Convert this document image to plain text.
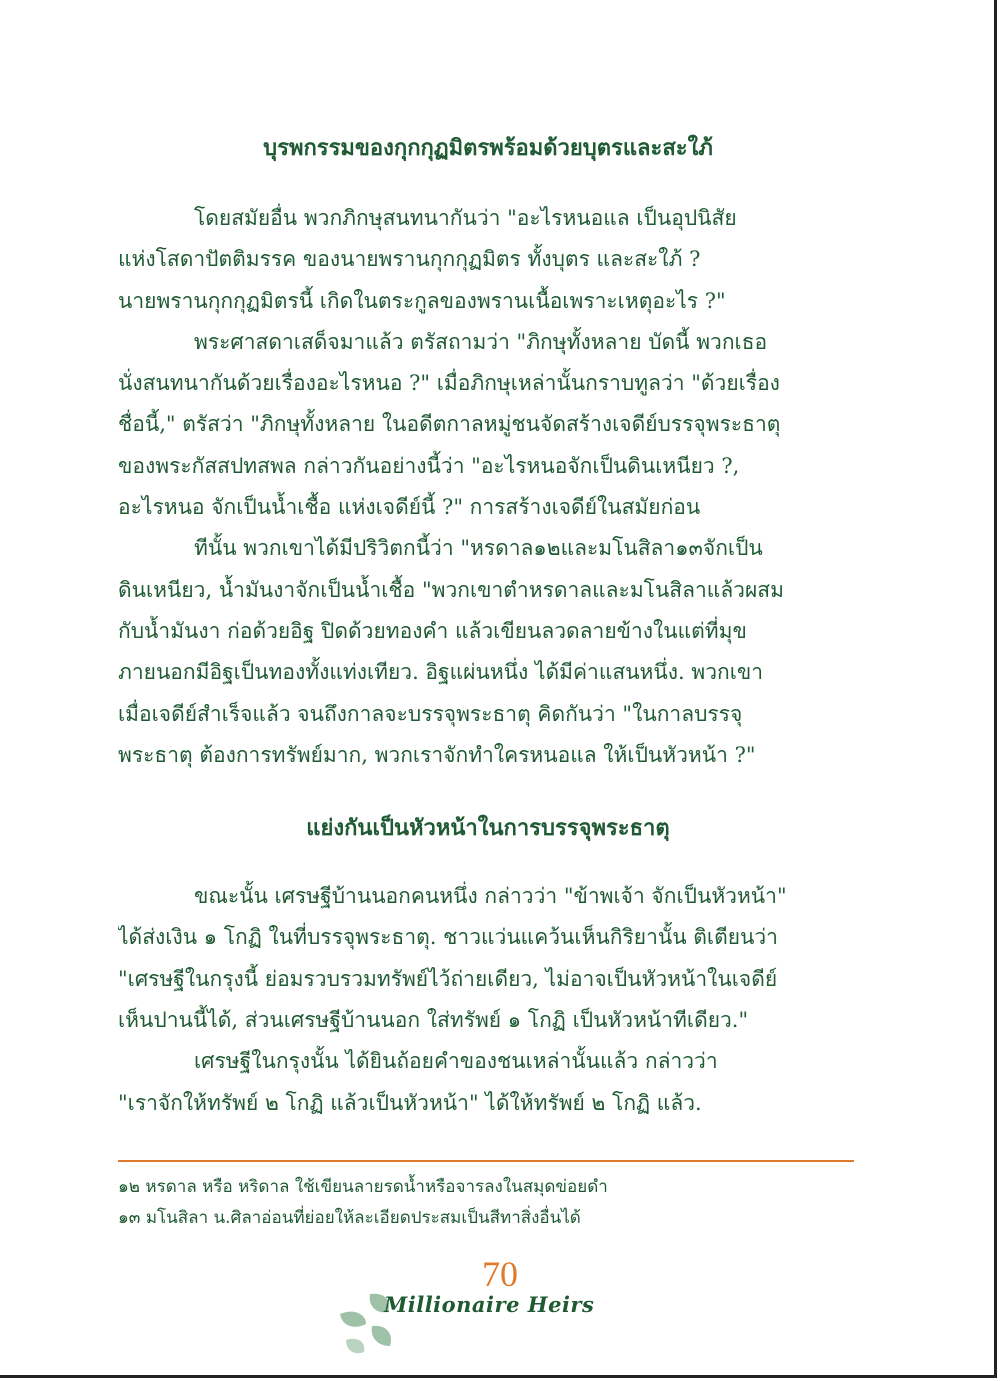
บุรพกรรมของกุกกุฏมิตรพร้อมด้วยบุตรและสะใภ้

โดยสมัยอื่น พวกภิกษุสนทนากันว่า "อะไรหนอแล เป็นอุปนิสัย
แห่งโสดาปัตติมรรค ของนายพรานกุกกุฏมิตร ทั้งบุตร และสะใภ้ ?
นายพรานกุกกุฏมิตรนี้ เกิดในตระกูลของพรานเนื้อเพราะเหตุอะไร ?"

พระศาสดาเสด็จมาแล้ว ตรัสถามว่า "ภิกษุทั้งหลาย บัดนี้ พวกเธอ
นั่งสนทนากันด้วยเรื่องอะไรหนอ ?" เมื่อภิกษุเหล่านั้นกราบทูลว่า "ด้วยเรื่อง
ชื่อนี้," ตรัสว่า "ภิกษุทั้งหลาย ในอดีตกาลหมู่ชนจัดสร้างเจดีย์บรรจุพระธาตุ
ของพระกัสสปทสพล กล่าวกันอย่างนี้ว่า "อะไรหนอจักเป็นดินเหนียว ?,
อะไรหนอ จักเป็นน้ำเชื้อ แห่งเจดีย์นี้ ?" การสร้างเจดีย์ในสมัยก่อน

ทีนั้น พวกเขาได้มีปริวิตกนี้ว่า "หรดาล๑๒และมโนสิลา๑๓จักเป็น
ดินเหนียว, น้ำมันงาจักเป็นน้ำเชื้อ "พวกเขาตำหรดาลและมโนสิลาแล้วผสม
กับน้ำมันงา ก่อด้วยอิฐ ปิดด้วยทองคำ แล้วเขียนลวดลายข้างในแต่ที่มุข
ภายนอกมีอิฐเป็นทองทั้งแท่งเทียว. อิฐแผ่นหนึ่ง ได้มีค่าแสนหนึ่ง. พวกเขา
เมื่อเจดีย์สำเร็จแล้ว จนถึงกาลจะบรรจุพระธาตุ คิดกันว่า "ในกาลบรรจุ
พระธาตุ ต้องการทรัพย์มาก, พวกเราจักทำใครหนอแล ให้เป็นหัวหน้า ?"

แย่งกันเป็นหัวหน้าในการบรรจุพระธาตุ

ขณะนั้น เศรษฐีบ้านนอกคนหนึ่ง กล่าวว่า "ข้าพเจ้า จักเป็นหัวหน้า"
ได้ส่งเงิน ๑ โกฏิ ในที่บรรจุพระธาตุ. ชาวแว่นแคว้นเห็นกิริยานั้น ติเตียนว่า
"เศรษฐีในกรุงนี้ ย่อมรวบรวมทรัพย์ไว้ถ่ายเดียว, ไม่อาจเป็นหัวหน้าในเจดีย์
เห็นปานนี้ได้, ส่วนเศรษฐีบ้านนอก ใส่ทรัพย์ ๑ โกฏิ เป็นหัวหน้าทีเดียว."

เศรษฐีในกรุงนั้น ได้ยินถ้อยคำของชนเหล่านั้นแล้ว กล่าวว่า
"เราจักให้ทรัพย์ ๒ โกฏิ แล้วเป็นหัวหน้า" ได้ให้ทรัพย์ ๒ โกฏิ แล้ว.

๑๒ หรดาล หรือ หริดาล ใช้เขียนลายรดน้ำหรือจารลงในสมุดข่อยดำ
๑๓ มโนสิลา น.ศิลาอ่อนที่ย่อยให้ละเอียดประสมเป็นสีทาสิ่งอื่นได้
70
Millionaire Heirs
